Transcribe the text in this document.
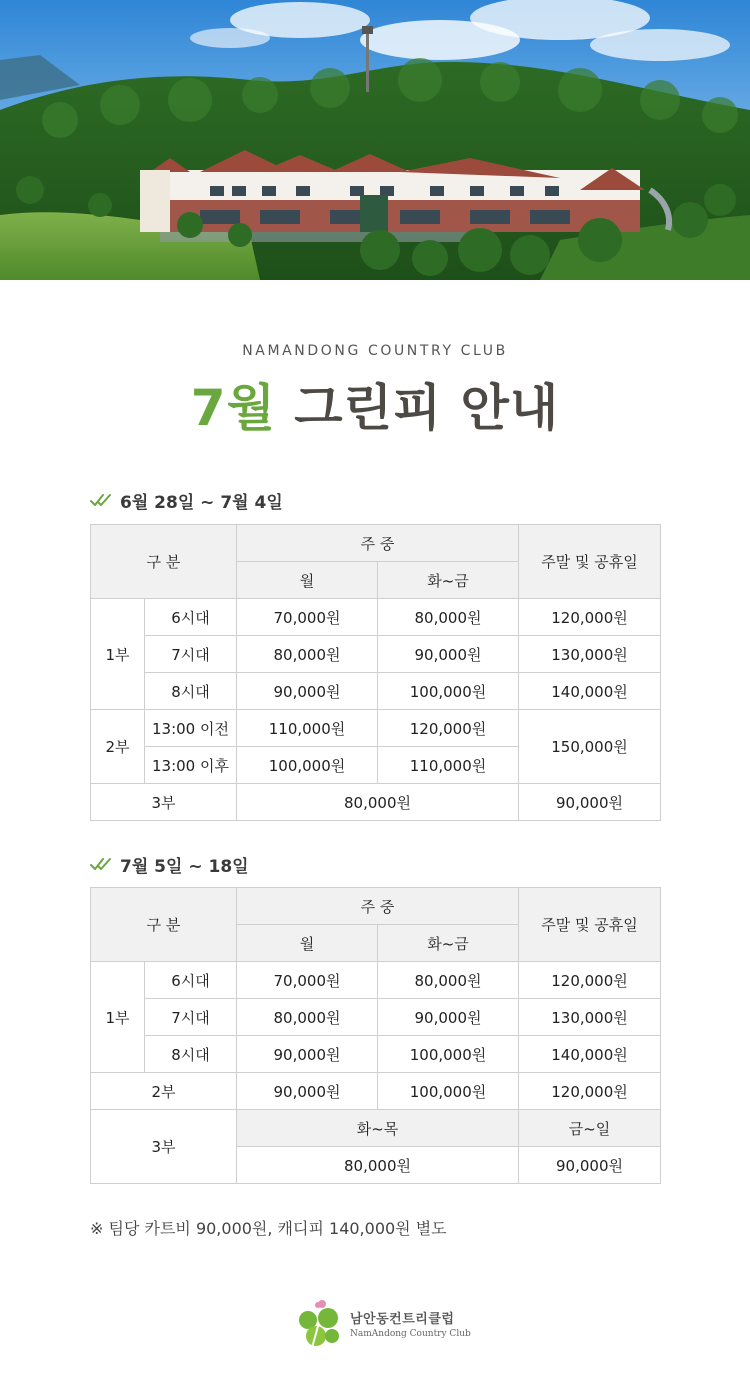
NAMANDONG COUNTRY CLUB
7월 그린피 안내
6월 28일 ~ 7월 4일
구 분		주 중		주말 및 공휴일
		월	화~금	
1부	6시대	70,000원	80,000원	120,000원
	7시대	80,000원	90,000원	130,000원
	8시대	90,000원	100,000원	140,000원
2부	13:00 이전	110,000원	120,000원	150,000원
	13:00 이후	100,000원	110,000원	
3부		80,000원		90,000원
7월 5일 ~ 18일
구 분		주 중		주말 및 공휴일
		월	화~금	
1부	6시대	70,000원	80,000원	120,000원
	7시대	80,000원	90,000원	130,000원
	8시대	90,000원	100,000원	140,000원
2부		90,000원	100,000원	120,000원
3부		화~목		금~일
		80,000원		90,000원
※ 팀당 카트비 90,000원, 캐디피 140,000원 별도
남안동컨트리클럽
NamAndong Country Club
